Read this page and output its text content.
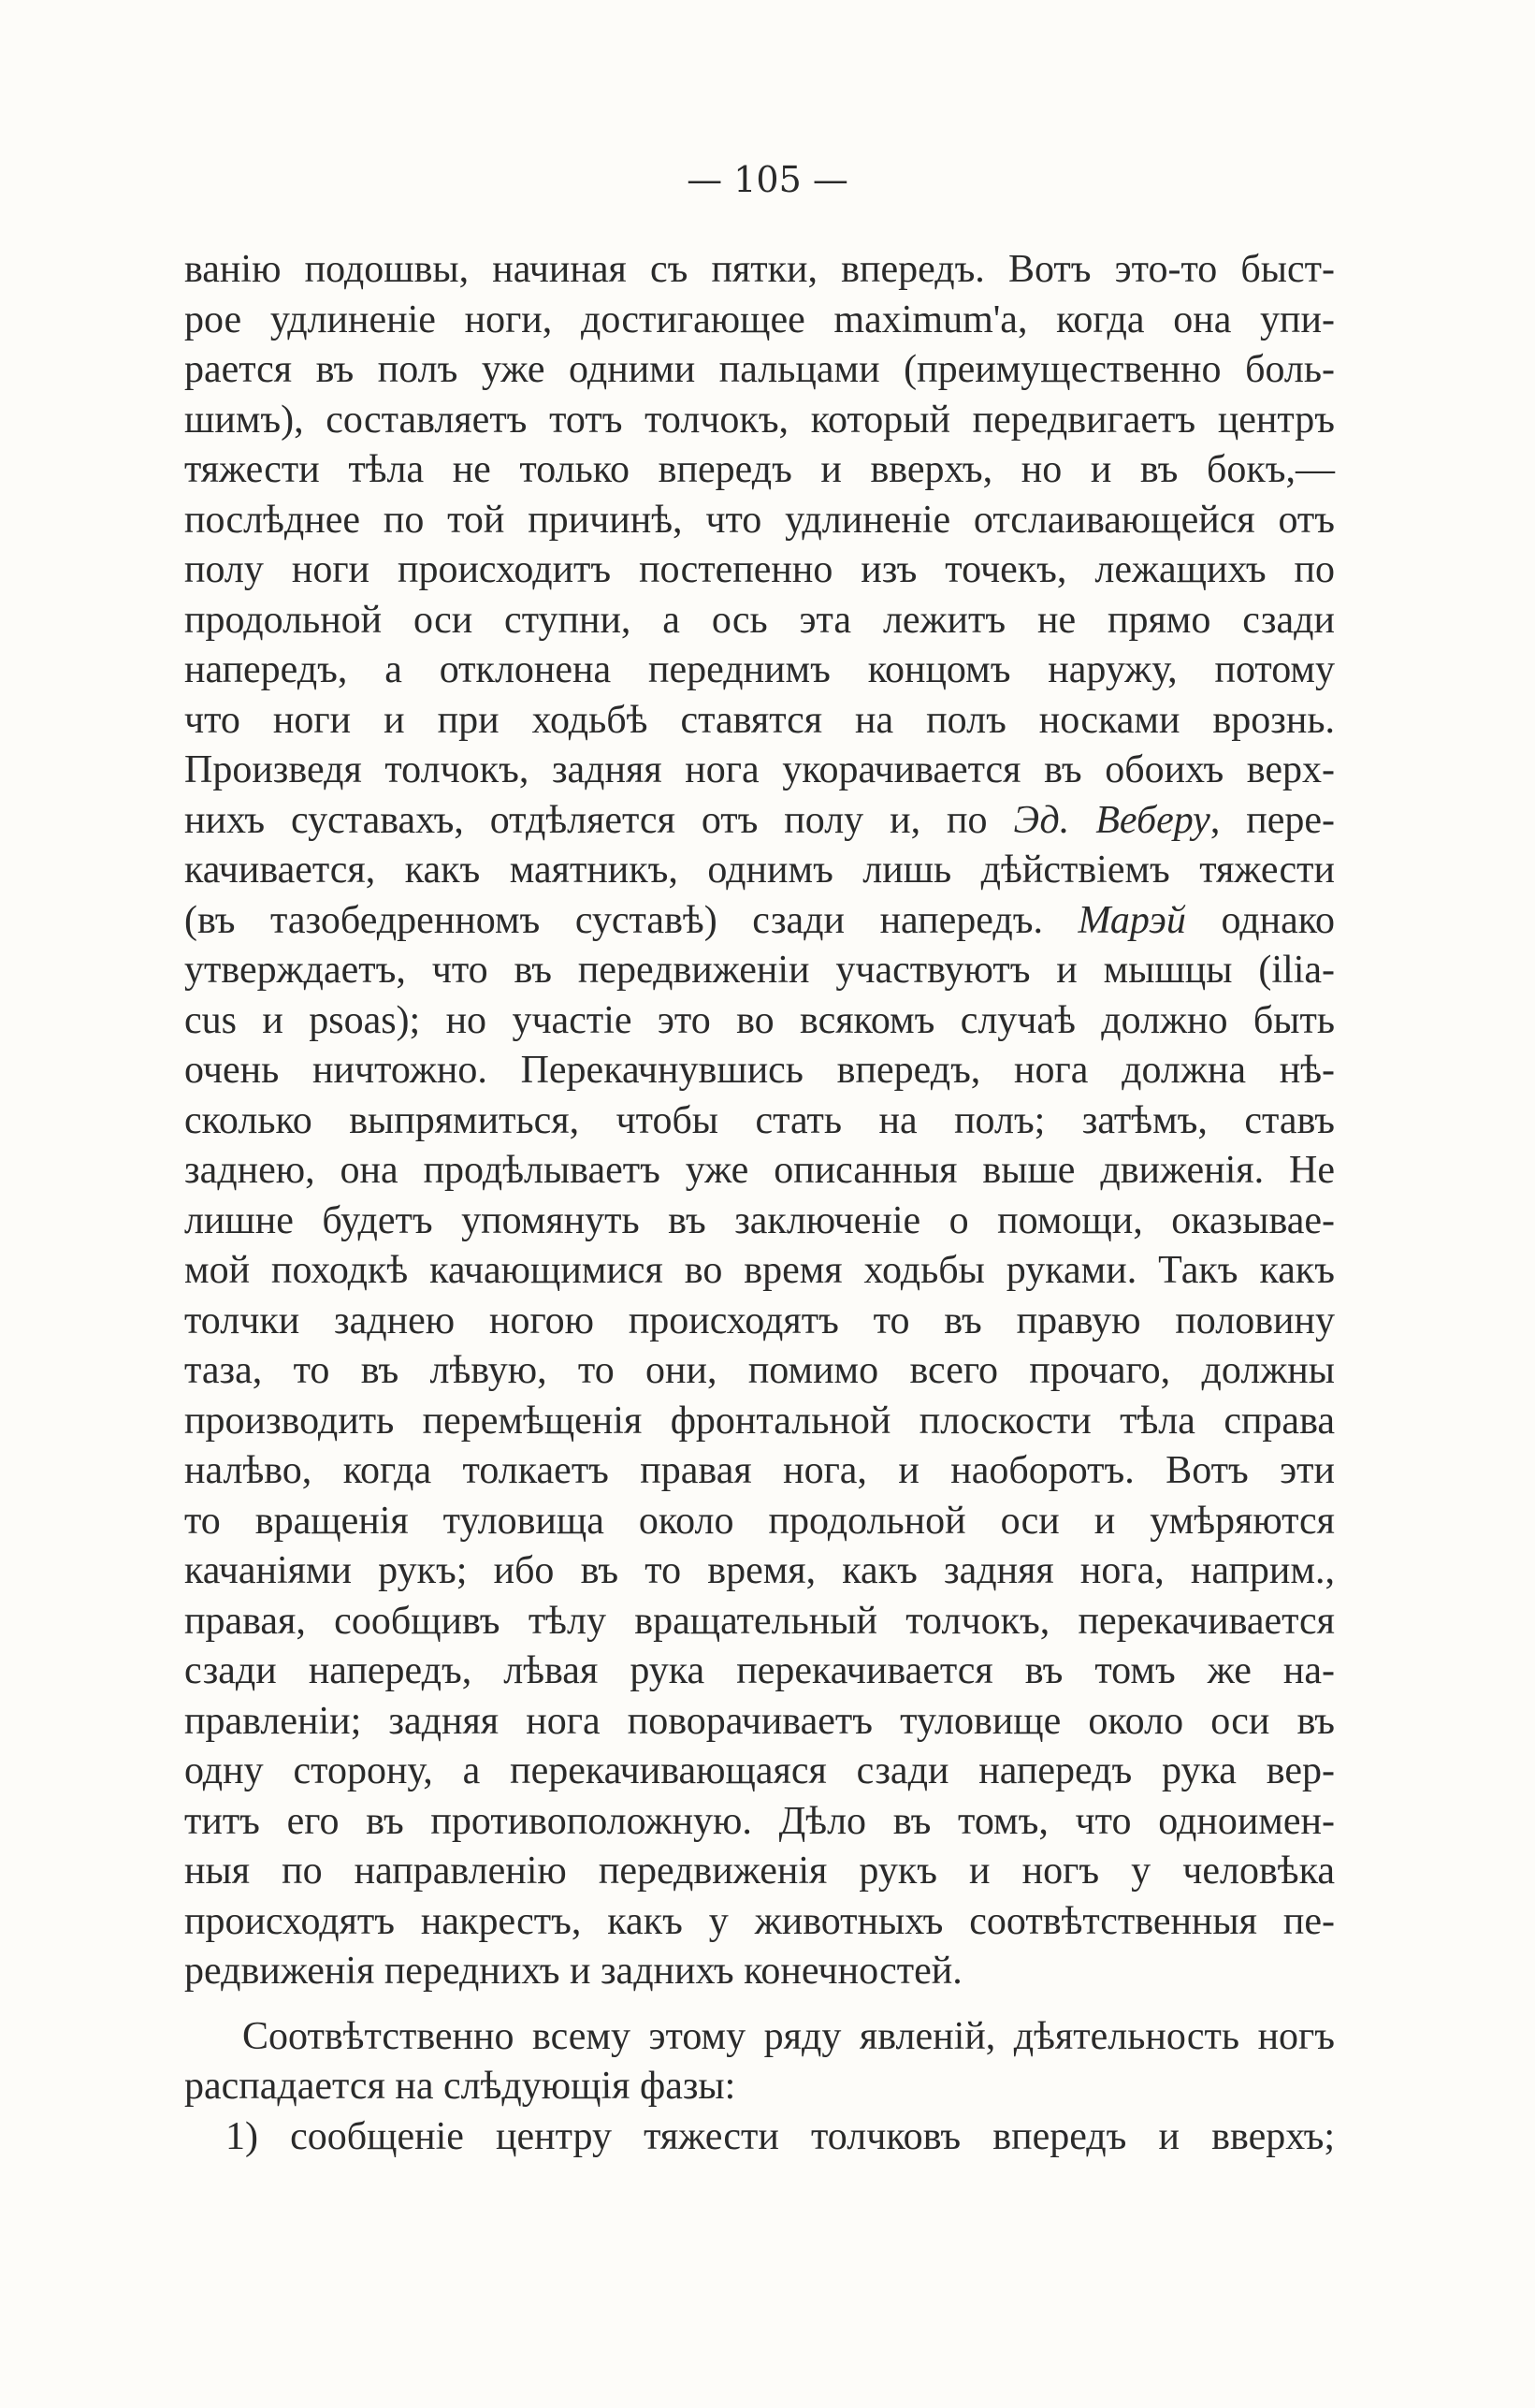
— 105 —

ванію подошвы, начиная съ пятки, впередъ. Вотъ это-то быст-
рое удлиненіе ноги, достигающее maximum'а, когда она упи-
рается въ полъ уже одними пальцами (преимущественно боль-
шимъ), составляетъ тотъ толчокъ, который передвигаетъ центръ
тяжести тѣла не только впередъ и вверхъ, но и въ бокъ,—
послѣднее по той причинѣ, что удлиненіе отслаивающейся отъ
полу ноги происходитъ постепенно изъ точекъ, лежащихъ по
продольной оси ступни, а ось эта лежитъ не прямо сзади
напередъ, а отклонена переднимъ концомъ наружу, потому
что ноги и при ходьбѣ ставятся на полъ носками врознь.
Произведя толчокъ, задняя нога укорачивается въ обоихъ верх-
нихъ суставахъ, отдѣляется отъ полу и, по Эд. Веберу, пере-
качивается, какъ маятникъ, однимъ лишь дѣйствіемъ тяжести
(въ тазобедренномъ суставѣ) сзади напередъ. Марэй однако
утверждаетъ, что въ передвиженіи участвуютъ и мышцы (ilia-
cus и psoas); но участіе это во всякомъ случаѣ должно быть
очень ничтожно. Перекачнувшись впередъ, нога должна нѣ-
сколько выпрямиться, чтобы стать на полъ; затѣмъ, ставъ
заднею, она продѣлываетъ уже описанныя выше движенія. Не
лишне будетъ упомянуть въ заключеніе о помощи, оказывае-
мой походкѣ качающимися во время ходьбы руками. Такъ какъ
толчки заднею ногою происходятъ то въ правую половину
таза, то въ лѣвую, то они, помимо всего прочаго, должны
производить перемѣщенія фронтальной плоскости тѣла справа
налѣво, когда толкаетъ правая нога, и наоборотъ. Вотъ эти
то вращенія туловища около продольной оси и умѣряются
качаніями рукъ; ибо въ то время, какъ задняя нога, наприм.,
правая, сообщивъ тѣлу вращательный толчокъ, перекачивается
сзади напередъ, лѣвая рука перекачивается въ томъ же на-
правленіи; задняя нога поворачиваетъ туловище около оси въ
одну сторону, а перекачивающаяся сзади напередъ рука вер-
титъ его въ противоположную. Дѣло въ томъ, что одноимен-
ныя по направленію передвиженія рукъ и ногъ у человѣка
происходятъ накрестъ, какъ у животныхъ соотвѣтственныя пе-
редвиженія переднихъ и заднихъ конечностей.
Соотвѣтственно всему этому ряду явленій, дѣятельность ногъ
распадается на слѣдующія фазы:
1) сообщеніе центру тяжести толчковъ впередъ и вверхъ;
